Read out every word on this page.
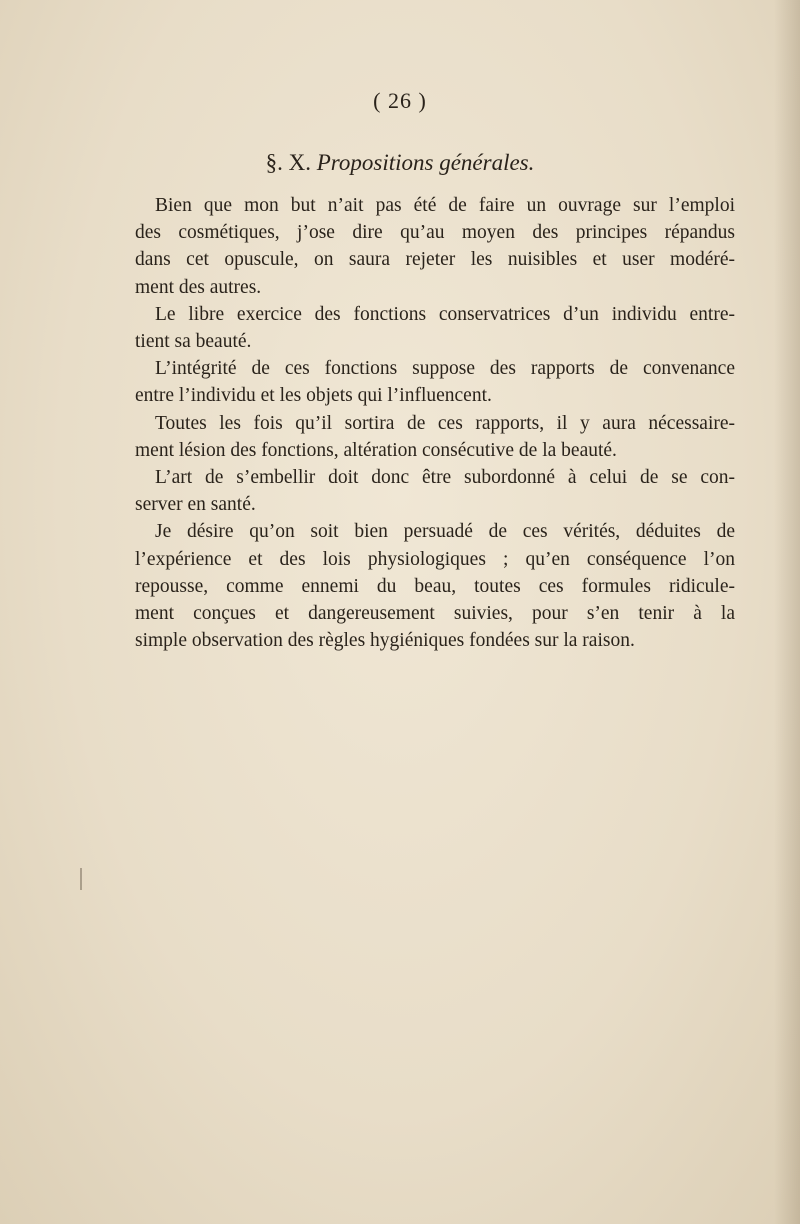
( 26 )
§. X. Propositions générales.

Bien que mon but n’ait pas été de faire un ouvrage sur l’emploi

des cosmétiques, j’ose dire qu’au moyen des principes répandus

dans cet opuscule, on saura rejeter les nuisibles et user modéré-

ment des autres.

Le libre exercice des fonctions conservatrices d’un individu entre-

tient sa beauté.

L’intégrité de ces fonctions suppose des rapports de convenance

entre l’individu et les objets qui l’influencent.

Toutes les fois qu’il sortira de ces rapports, il y aura nécessaire-

ment lésion des fonctions, altération consécutive de la beauté.

L’art de s’embellir doit donc être subordonné à celui de se con-

server en santé.

Je désire qu’on soit bien persuadé de ces vérités, déduites de

l’expérience et des lois physiologiques ; qu’en conséquence l’on

repousse, comme ennemi du beau, toutes ces formules ridicule-

ment conçues et dangereusement suivies, pour s’en tenir à la

simple observation des règles hygiéniques fondées sur la raison.
